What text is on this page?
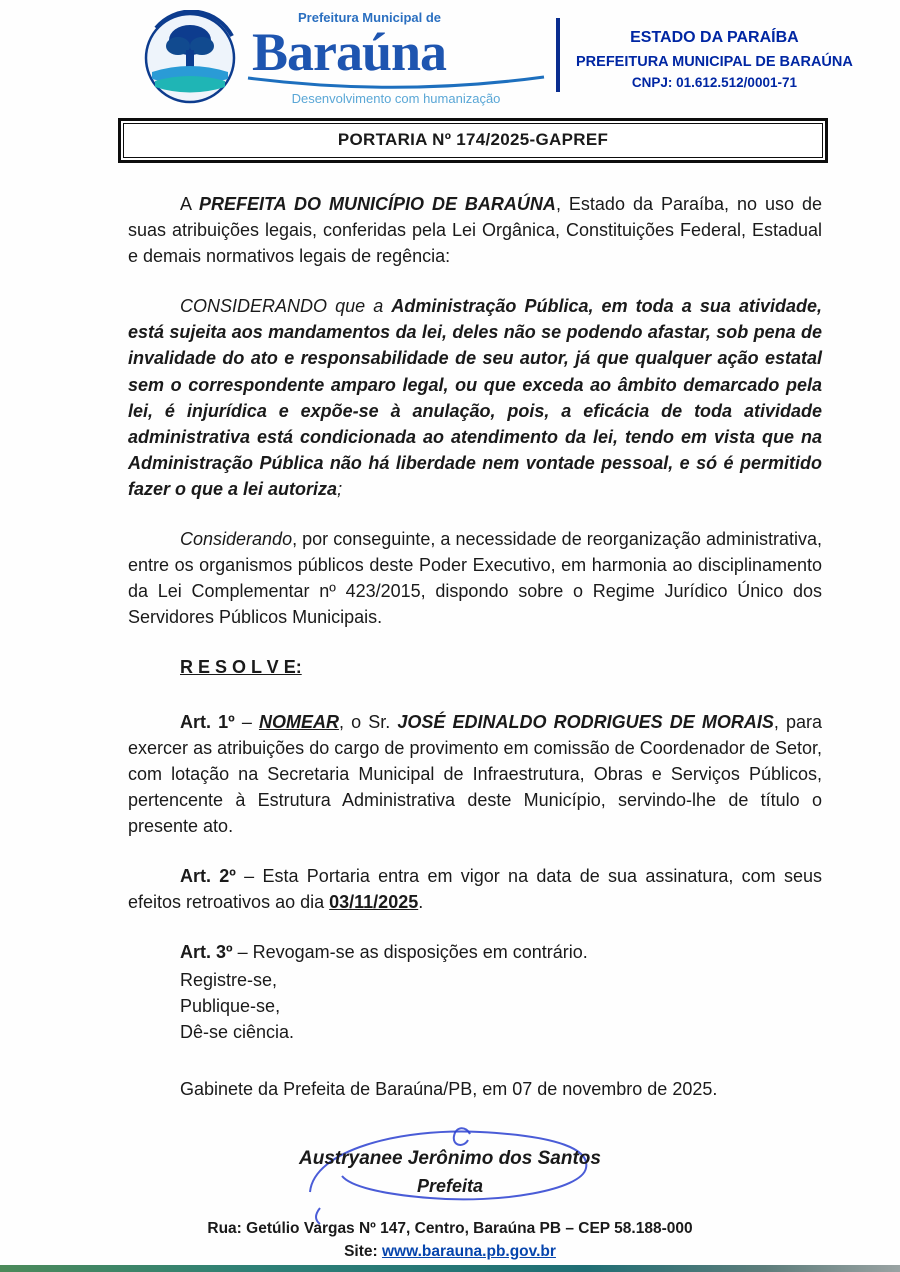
Prefeitura Municipal de
Baraúna
Desenvolvimento com humanização
ESTADO DA PARAÍBA
PREFEITURA MUNICIPAL DE BARAÚNA
CNPJ: 01.612.512/0001-71
PORTARIA Nº 174/2025-GAPREF

A PREFEITA DO MUNICÍPIO DE BARAÚNA, Estado da Paraíba, no uso de suas atribuições legais, conferidas pela Lei Orgânica, Constituições Federal, Estadual e demais normativos legais de regência:

CONSIDERANDO que a Administração Pública, em toda a sua atividade, está sujeita aos mandamentos da lei, deles não se podendo afastar, sob pena de invalidade do ato e responsabilidade de seu autor, já que qualquer ação estatal sem o correspondente amparo legal, ou que exceda ao âmbito demarcado pela lei, é injurídica e expõe-se à anulação, pois, a eficácia de toda atividade administrativa está condicionada ao atendimento da lei, tendo em vista que na Administração Pública não há liberdade nem vontade pessoal, e só é permitido fazer o que a lei autoriza;

Considerando, por conseguinte, a necessidade de reorganização administrativa, entre os organismos públicos deste Poder Executivo, em harmonia ao disciplinamento da Lei Complementar nº 423/2015, dispondo sobre o Regime Jurídico Único dos Servidores Públicos Municipais.

R E S O L V E:

Art. 1º – NOMEAR, o Sr. JOSÉ EDINALDO RODRIGUES DE MORAIS, para exercer as atribuições do cargo de provimento em comissão de Coordenador de Setor, com lotação na Secretaria Municipal de Infraestrutura, Obras e Serviços Públicos, pertencente à Estrutura Administrativa deste Município, servindo-lhe de título o presente ato.

Art. 2º – Esta Portaria entra em vigor na data de sua assinatura, com seus efeitos retroativos ao dia 03/11/2025.

Art. 3º – Revogam-se as disposições em contrário.

Registre-se,
Publique-se,
Dê-se ciência.
Gabinete da Prefeita de Baraúna/PB, em 07 de novembro de 2025.
Austryanee Jerônimo dos Santos
Prefeita
Rua: Getúlio Vargas Nº 147, Centro, Baraúna PB – CEP 58.188-000
Site: www.barauna.pb.gov.br
